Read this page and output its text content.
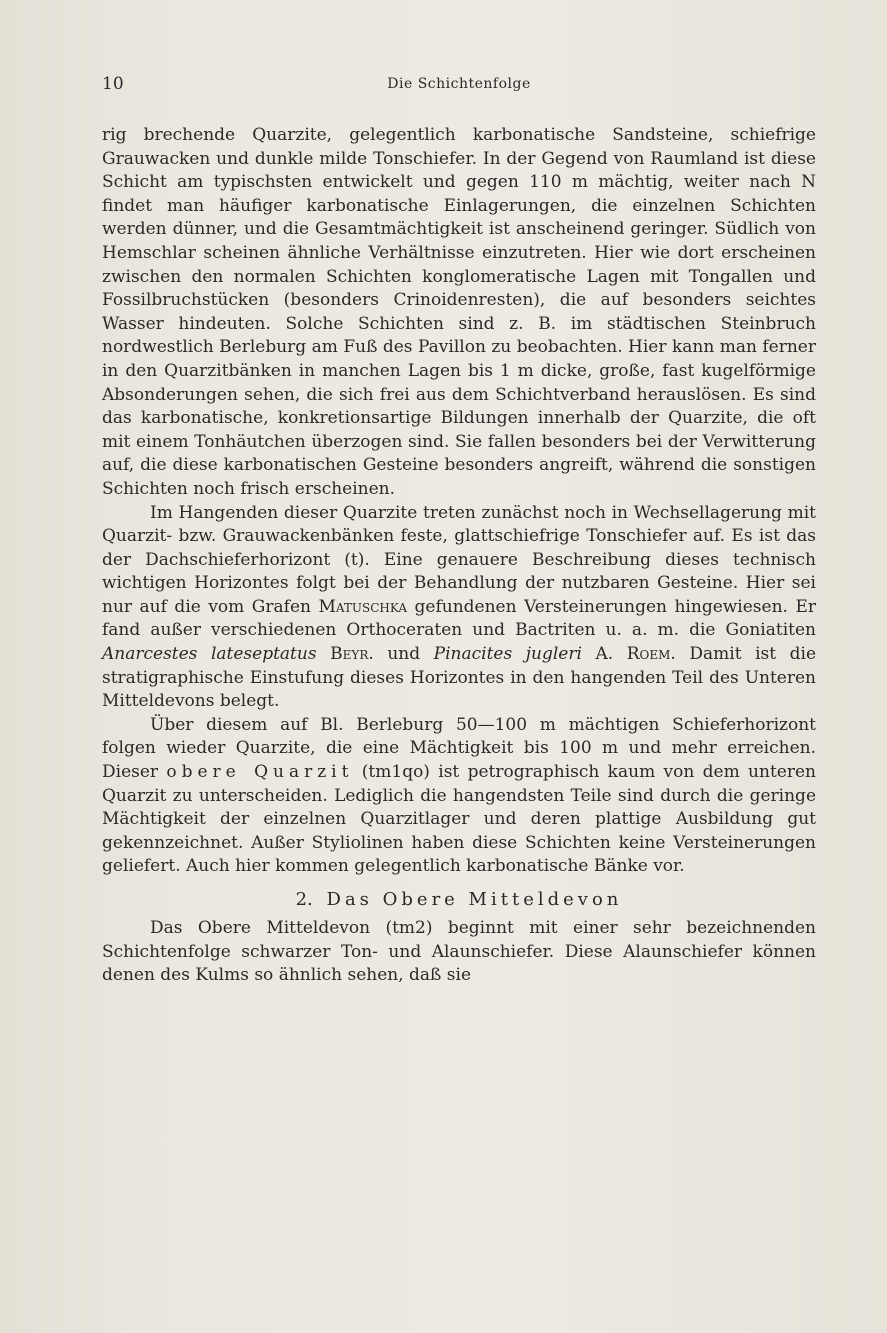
10	Die Schichtenfolge

rig brechende Quarzite, gelegentlich karbonatische Sandsteine, schiefrige Grauwacken und dunkle milde Tonschiefer. In der Gegend von Raumland ist diese Schicht am typischsten entwickelt und gegen 110 m mächtig, weiter nach N findet man häufiger karbonatische Einlagerungen, die einzelnen Schichten werden dünner, und die Gesamtmächtigkeit ist anscheinend geringer. Südlich von Hemschlar scheinen ähnliche Verhältnisse einzutreten. Hier wie dort erscheinen zwischen den normalen Schichten konglomeratische Lagen mit Tongallen und Fossilbruchstücken (besonders Crinoidenresten), die auf besonders seichtes Wasser hindeuten. Solche Schichten sind z. B. im städtischen Steinbruch nordwestlich Berleburg am Fuß des Pavillon zu beobachten. Hier kann man ferner in den Quarzitbänken in manchen Lagen bis 1 m dicke, große, fast kugelförmige Absonderungen sehen, die sich frei aus dem Schichtverband herauslösen. Es sind das karbonatische, konkretionsartige Bildungen innerhalb der Quarzite, die oft mit einem Tonhäutchen überzogen sind. Sie fallen besonders bei der Verwitterung auf, die diese karbonatischen Gesteine besonders angreift, während die sonstigen Schichten noch frisch erscheinen.

Im Hangenden dieser Quarzite treten zunächst noch in Wechsellagerung mit Quarzit- bzw. Grauwackenbänken feste, glattschiefrige Tonschiefer auf. Es ist das der Dachschieferhorizont (t). Eine genauere Beschreibung dieses technisch wichtigen Horizontes folgt bei der Behandlung der nutzbaren Gesteine. Hier sei nur auf die vom Grafen Matuschka gefundenen Versteinerungen hingewiesen. Er fand außer verschiedenen Orthoceraten und Bactriten u. a. m. die Goniatiten Anarcestes lateseptatus Beyr. und Pinacites jugleri A. Roem. Damit ist die stratigraphische Einstufung dieses Horizontes in den hangenden Teil des Unteren Mitteldevons belegt.

Über diesem auf Bl. Berleburg 50—100 m mächtigen Schieferhorizont folgen wieder Quarzite, die eine Mächtigkeit bis 100 m und mehr erreichen. Dieser obere Quarzit (tm1qo) ist petrographisch kaum von dem unteren Quarzit zu unterscheiden. Lediglich die hangendsten Teile sind durch die geringe Mächtigkeit der einzelnen Quarzitlager und deren plattige Ausbildung gut gekennzeichnet. Außer Styliolinen haben diese Schichten keine Versteinerungen geliefert. Auch hier kommen gelegentlich karbonatische Bänke vor.

2. Das Obere Mitteldevon

Das Obere Mitteldevon (tm2) beginnt mit einer sehr bezeichnenden Schichtenfolge schwarzer Ton- und Alaunschiefer. Diese Alaunschiefer können denen des Kulms so ähnlich sehen, daß sie
